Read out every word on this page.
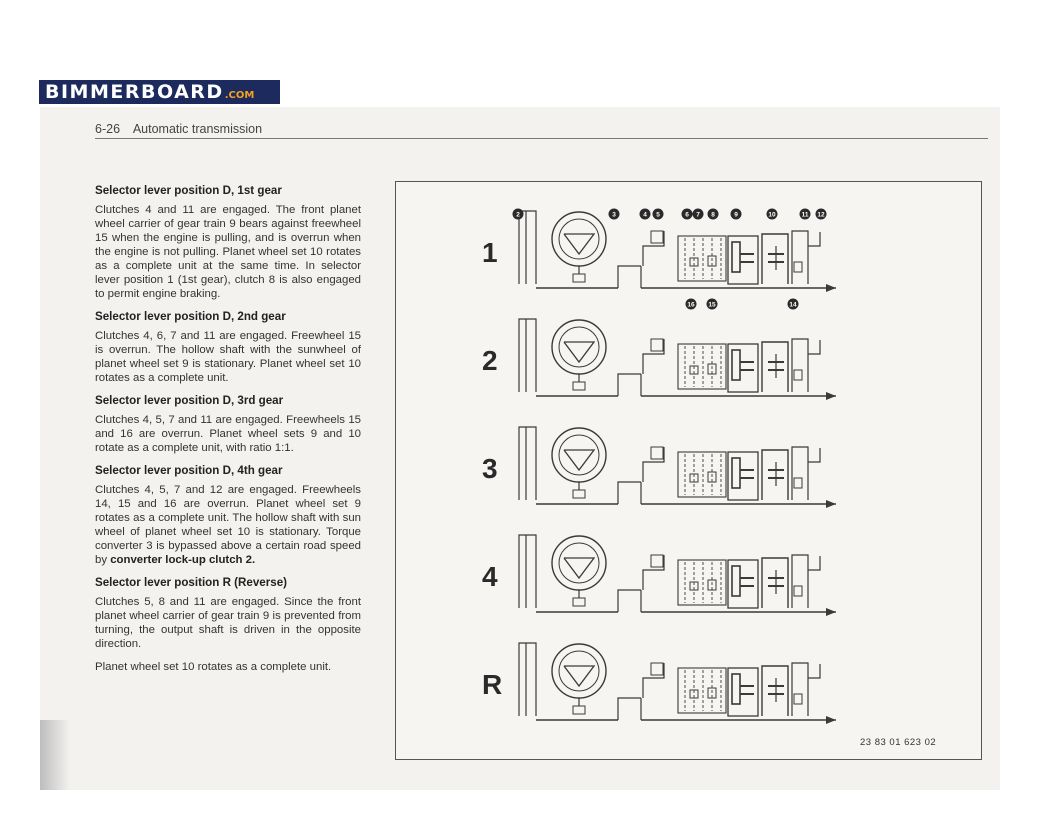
BIMMERBOARD .COM
6-26 Automatic transmission
Selector lever position D, 1st gear

Clutches 4 and 11 are engaged. The front planet wheel carrier of gear train 9 bears against freewheel 15 when the engine is pulling, and is overrun when the engine is not pulling. Planet wheel set 10 rotates as a complete unit at the same time. In selector lever position 1 (1st gear), clutch 8 is also engaged to permit engine braking.

Selector lever position D, 2nd gear

Clutches 4, 6, 7 and 11 are engaged. Freewheel 15 is overrun. The hollow shaft with the sunwheel of planet wheel set 9 is stationary. Planet wheel set 10 rotates as a complete unit.

Selector lever position D, 3rd gear

Clutches 4, 5, 7 and 11 are engaged. Freewheels 15 and 16 are overrun. Planet wheel sets 9 and 10 rotate as a complete unit, with ratio 1:1.

Selector lever position D, 4th gear

Clutches 4, 5, 7 and 12 are engaged. Freewheels 14, 15 and 16 are overrun. Planet wheel set 9 rotates as a complete unit. The hollow shaft with sun wheel of planet wheel set 10 is stationary. Torque converter 3 is bypassed above a certain road speed by converter lock-up clutch 2.

Selector lever position R (Reverse)

Clutches 5, 8 and 11 are engaged. Since the front planet wheel carrier of gear train 9 is prevented from turning, the output shaft is driven in the opposite direction.

Planet wheel set 10 rotates as a complete unit.

1
2
3
4
R
2	3	4 5	6 7 8	9	10	11 12
16 15	14
23 83 01 623 02
